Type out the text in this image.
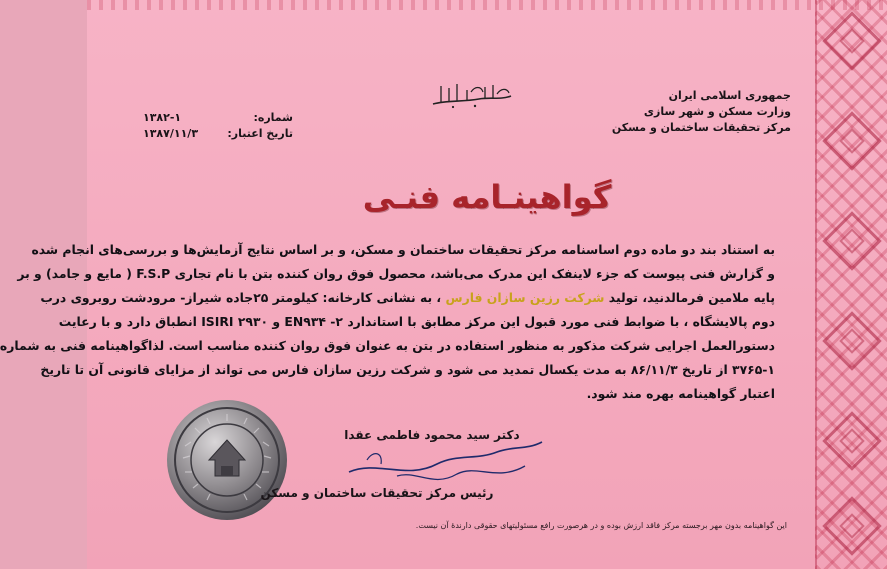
جمهوری اسلامی ایران
وزارت مسکن و شهر سازی
مرکز تحقیقات ساختمان و مسکن
شماره:
۱۳۸۲-۱
تاریخ اعتبار:
۱۳۸۷/۱۱/۳
گواهینـامه فنـی
به استناد بند دو ماده دوم اساسنامه مرکز تحقیقات ساختمان و مسکن، و بر اساس نتایج آزمایش‌ها و بررسی‌های انجام شده
و گزارش فنی پیوست که جزء لاینفک این مدرک می‌باشد، محصول فوق روان کننده بتن با نام تجاری F.S.P ( مایع و جامد) و بر
پایه ملامین فرمالدنید، تولید شرکت رزین سازان فارس ، به نشانی کارخانه: کیلومتر ۲۵جاده شیراز- مرودشت روبروی درب
دوم پالایشگاه ، با ضوابط فنی مورد قبول این مرکز مطابق با استاندارد ۲- EN۹۳۴ و ۲۹۳۰ ISIRI انطباق دارد و با رعایت
دستورالعمل اجرایی شرکت مذکور به منظور استفاده در بتن به عنوان فوق روان کننده مناسب است. لذاگواهینامه فنی به شماره
۳۷۶۵-۱ از تاریخ ۸۶/۱۱/۳ به مدت یکسال تمدید می شود و شرکت رزین سازان فارس می تواند از مزایای قانونی آن تا تاریخ
اعتبار گواهینامه بهره مند شود.
دکتر سید محمود فاطمی عقدا
رئیس مرکز تحقیقات ساختمان و مسکن
این گواهینامه بدون مهر برجسته مرکز فاقد ارزش بوده و در هرصورت رافع مسئولیتهای حقوقی دارندهٔ آن نیست.
